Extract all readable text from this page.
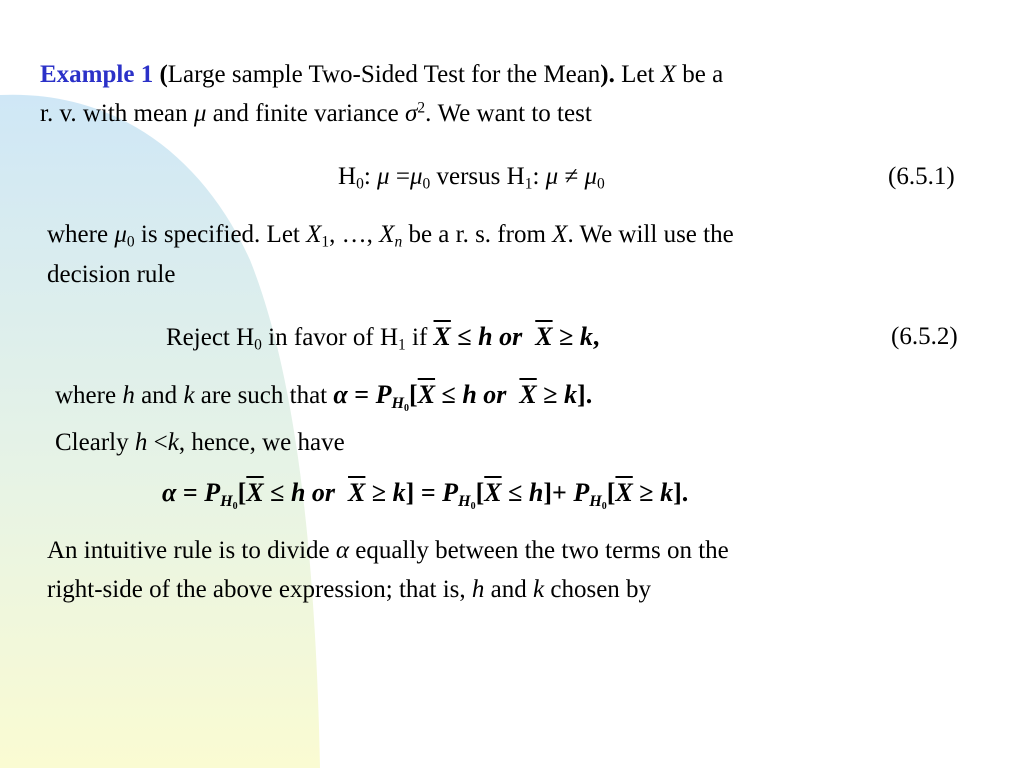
Example 1 (Large sample Two-Sided Test for the Mean). Let X be a
r. v. with mean μ and finite variance $\sigma^2$. We want to test
$H_0$: $\mu =\mu_0$ versus $H_1$: $\mu \ne \mu_0$	(6.5.1)
where $\mu_0$ is specified. Let $X_1$, …, $X_n$ be a r. s. from X. We will use the
decision rule
Reject $H_0$ in favor of $H_1$ if $\overline{X} \le h$ or $\overline{X} \ge k$,	(6.5.2)
where h and k are such that $\alpha = P_{H_0}[\overline{X} \le h$ or $\overline{X} \ge k$].
Clearly h <k, hence, we have
$\alpha = P_{H_0}[\overline{X} \le h$ or $\overline{X} \ge k] = P_{H_0}[\overline{X} \le h]+ P_{H_0}[\overline{X} \ge k]$.
An intuitive rule is to divide α equally between the two terms on the
right-side of the above expression; that is, h and k chosen by
